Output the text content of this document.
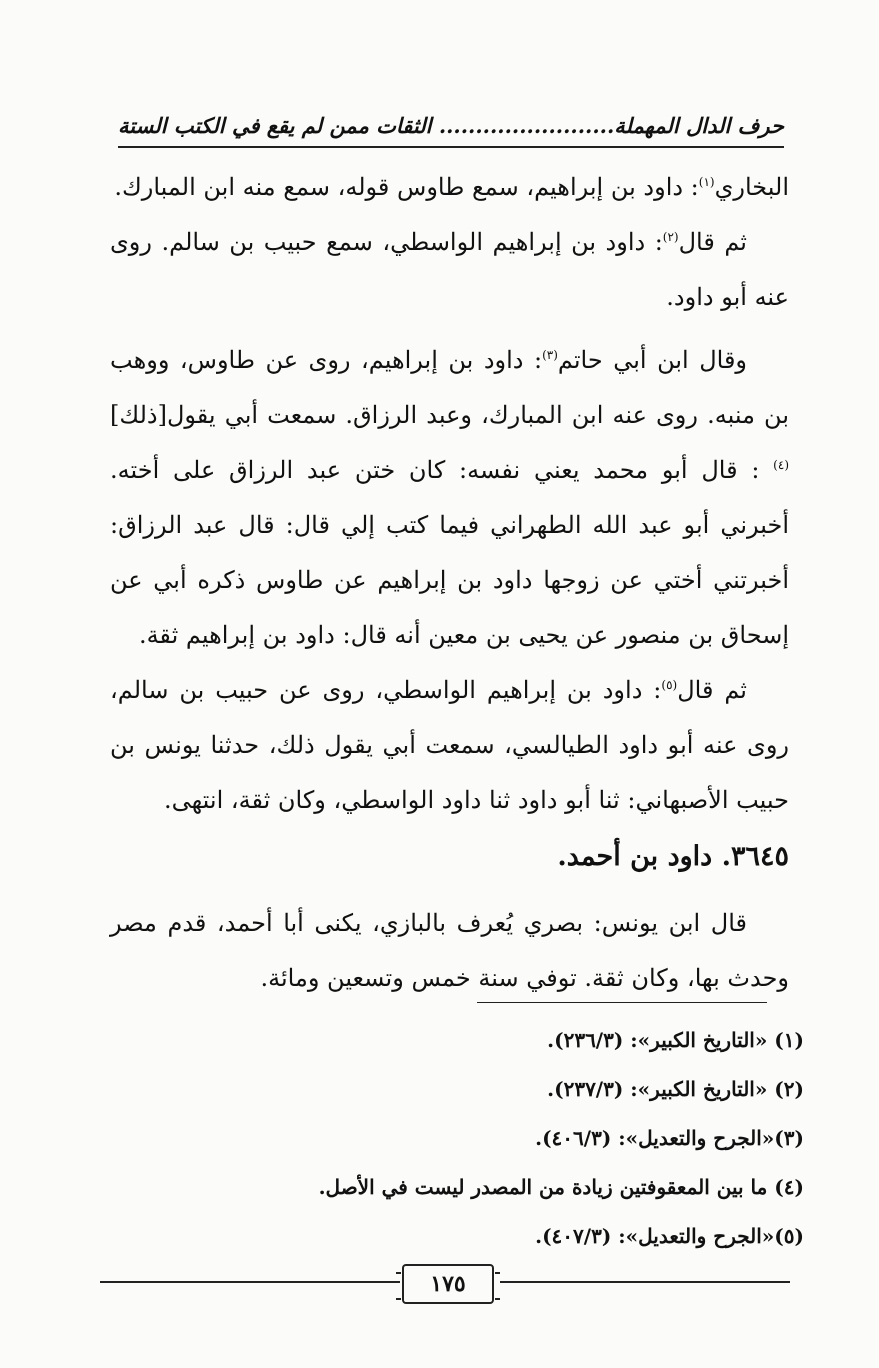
حرف الدال المهملة........................ الثقات ممن لم يقع في الكتب الستة

البخاري$^{(١)}$: داود بن إبراهيم، سمع طاوس قوله، سمع منه ابن المبارك.

ثم قال$^{(٢)}$: داود بن إبراهيم الواسطي، سمع حبيب بن سالم. روى عنه أبو داود.

وقال ابن أبي حاتم$^{(٣)}$: داود بن إبراهيم، روى عن طاوس، ووهب بن منبه. روى عنه ابن المبارك، وعبد الرزاق. سمعت أبي يقول[ذلك]$^{(٤)}$ : قال أبو محمد يعني نفسه: كان ختن عبد الرزاق على أخته. أخبرني أبو عبد الله الطهراني فيما كتب إلي قال: قال عبد الرزاق: أخبرتني أختي عن زوجها داود بن إبراهيم عن طاوس ذكره أبي عن إسحاق بن منصور عن يحيى بن معين أنه قال: داود بن إبراهيم ثقة.

ثم قال$^{(٥)}$: داود بن إبراهيم الواسطي، روى عن حبيب بن سالم، روى عنه أبو داود الطيالسي، سمعت أبي يقول ذلك، حدثنا يونس بن حبيب الأصبهاني: ثنا أبو داود ثنا داود الواسطي، وكان ثقة، انتهى.

٣٦٤٥. داود بن أحمد.

قال ابن يونس: بصري يُعرف بالبازي، يكنى أبا أحمد، قدم مصر وحدث بها، وكان ثقة. توفي سنة خمس وتسعين ومائة.

(١) «التاريخ الكبير»: (٢٣٦/٣).
(٢) «التاريخ الكبير»: (٢٣٧/٣).
(٣)«الجرح والتعديل»: (٤٠٦/٣).
(٤) ما بين المعقوفتين زيادة من المصدر ليست في الأصل.
(٥)«الجرح والتعديل»: (٤٠٧/٣).
١٧٥
